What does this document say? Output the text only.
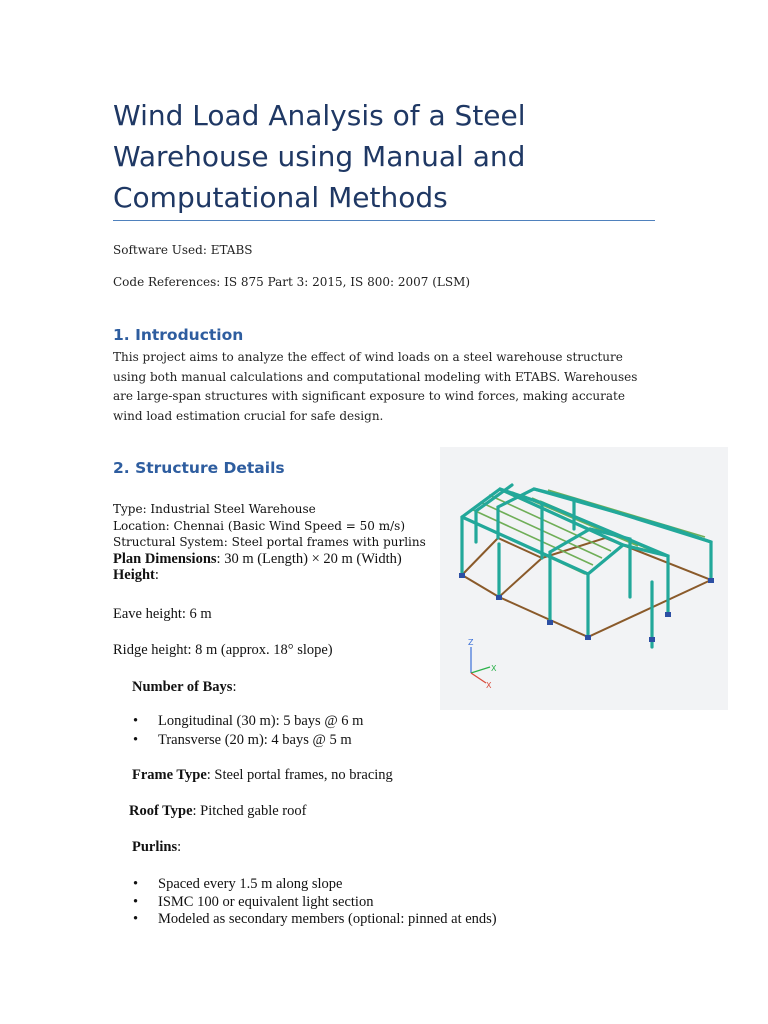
Wind Load Analysis of a Steel Warehouse using Manual and Computational Methods

Software Used: ETABS

Code References: IS 875 Part 3: 2015, IS 800: 2007 (LSM)

1. Introduction

This project aims to analyze the effect of wind loads on a steel warehouse structure using both manual calculations and computational modeling with ETABS. Warehouses are large-span structures with significant exposure to wind forces, making accurate wind load estimation crucial for safe design.

2. Structure Details
Type: Industrial Steel Warehouse
Location: Chennai (Basic Wind Speed = 50 m/s)
Structural System: Steel portal frames with purlins
Plan Dimensions: 30 m (Length) × 20 m (Width)
Height:
Eave height: 6 m
Ridge height: 8 m (approx. 18° slope)
Number of Bays:
• Longitudinal (30 m): 5 bays @ 6 m
• Transverse (20 m): 4 bays @ 5 m
Frame Type: Steel portal frames, no bracing
Roof Type: Pitched gable roof
Purlins:
• Spaced every 1.5 m along slope
• ISMC 100 or equivalent light section
• Modeled as secondary members (optional: pinned at ends)
Z
X
X
